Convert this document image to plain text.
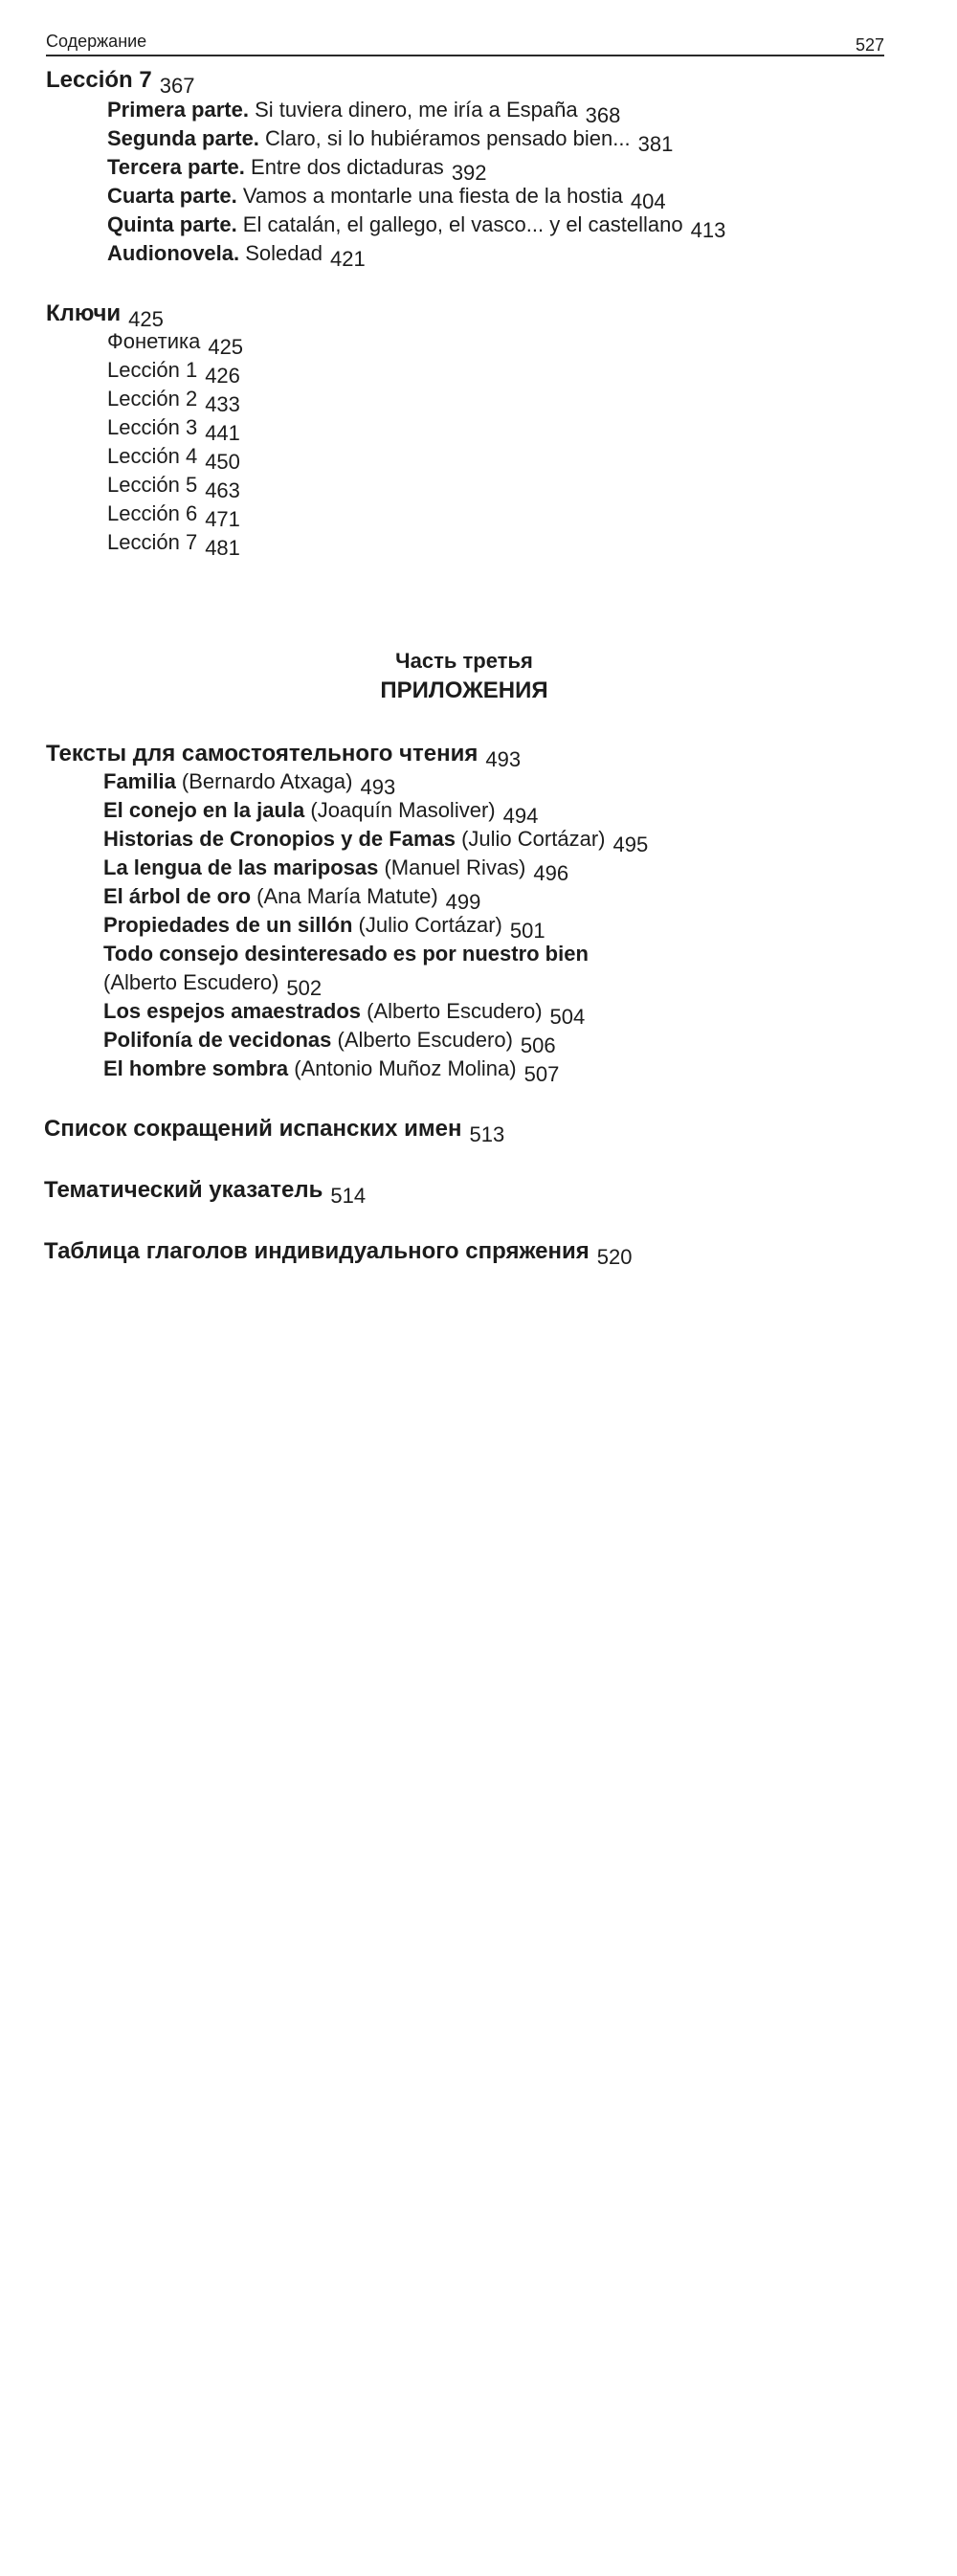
Содержание	527
Lección 7 367
Primera parte. Si tuviera dinero, me iría a España 368
Segunda parte. Claro, si lo hubiéramos pensado bien... 381
Tercera parte. Entre dos dictaduras 392
Cuarta parte. Vamos a montarle una fiesta de la hostia 404
Quinta parte. El catalán, el gallego, el vasco... y el castellano 413
Audionovela. Soledad 421
Ключи 425
Фонетика 425
Lección 1 426
Lección 2 433
Lección 3 441
Lección 4 450
Lección 5 463
Lección 6 471
Lección 7 481
Часть третья
ПРИЛОЖЕНИЯ
Тексты для самостоятельного чтения 493
Familia (Bernardo Atxaga) 493
El conejo en la jaula (Joaquín Masoliver) 494
Historias de Cronopios y de Famas (Julio Cortázar) 495
La lengua de las mariposas (Manuel Rivas) 496
El árbol de oro (Ana María Matute) 499
Propiedades de un sillón (Julio Cortázar) 501
Todo consejo desinteresado es por nuestro bien
(Alberto Escudero) 502
Los espejos amaestrados (Alberto Escudero) 504
Polifonía de vecidonas (Alberto Escudero) 506
El hombre sombra (Antonio Muñoz Molina) 507
Список сокращений испанских имен 513
Тематический указатель 514
Таблица глаголов индивидуального спряжения 520
